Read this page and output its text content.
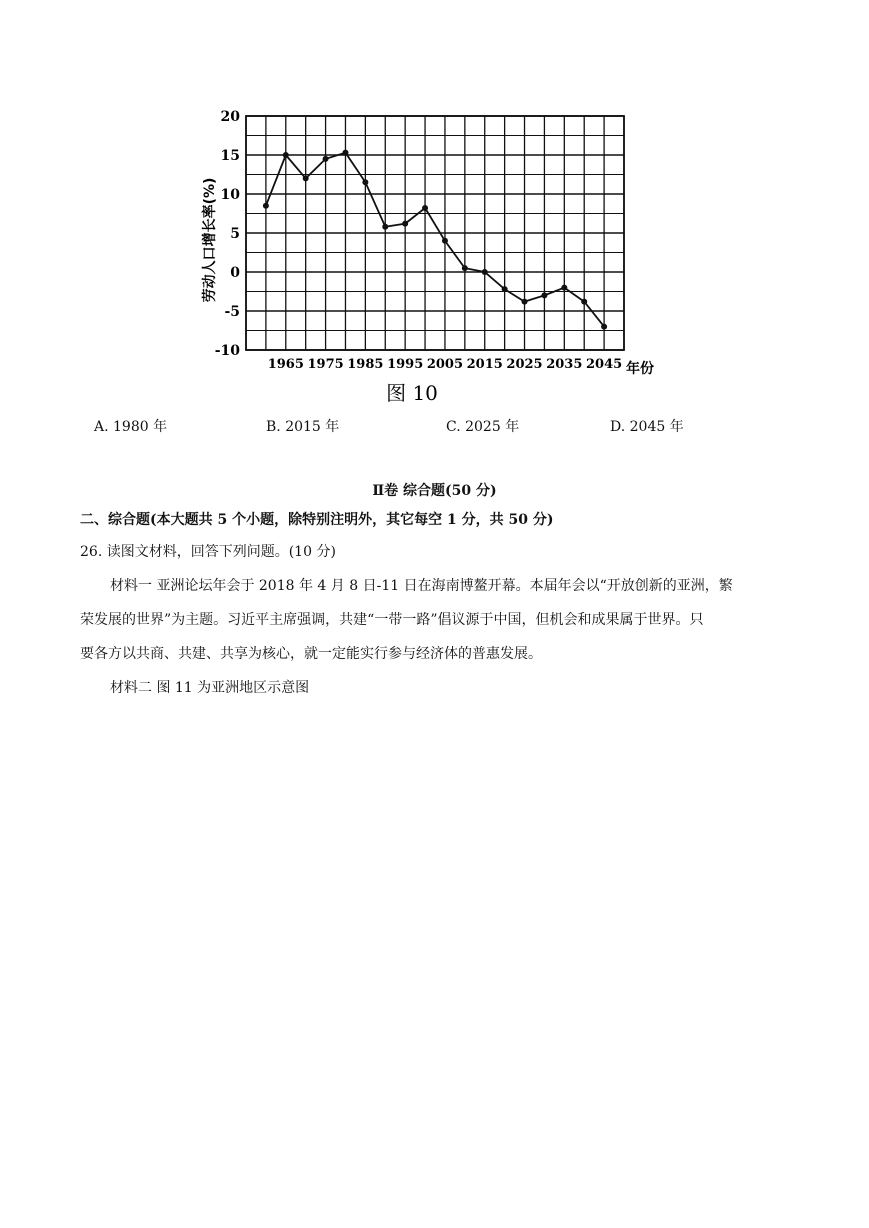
20
15
10
5
0
-5
-10
1965 1975 1985 1995 2005 2015 2025 2035 2045
劳动人口增长率(%)
年份
图 10
A. 1980 年	B. 2015 年	C. 2025 年	D. 2045 年
Ⅱ卷 综合题(50 分)
二、综合题(本大题共 5 个小题，除特别注明外，其它每空 1 分，共 50 分)
26. 读图文材料，回答下列问题。(10 分)
材料一 亚洲论坛年会于 2018 年 4 月 8 日-11 日在海南博鳌开幕。本届年会以“开放创新的亚洲，繁
荣发展的世界”为主题。习近平主席强调，共建“一带一路”倡议源于中国，但机会和成果属于世界。只
要各方以共商、共建、共享为核心，就一定能实行参与经济体的普惠发展。
材料二 图 11 为亚洲地区示意图
